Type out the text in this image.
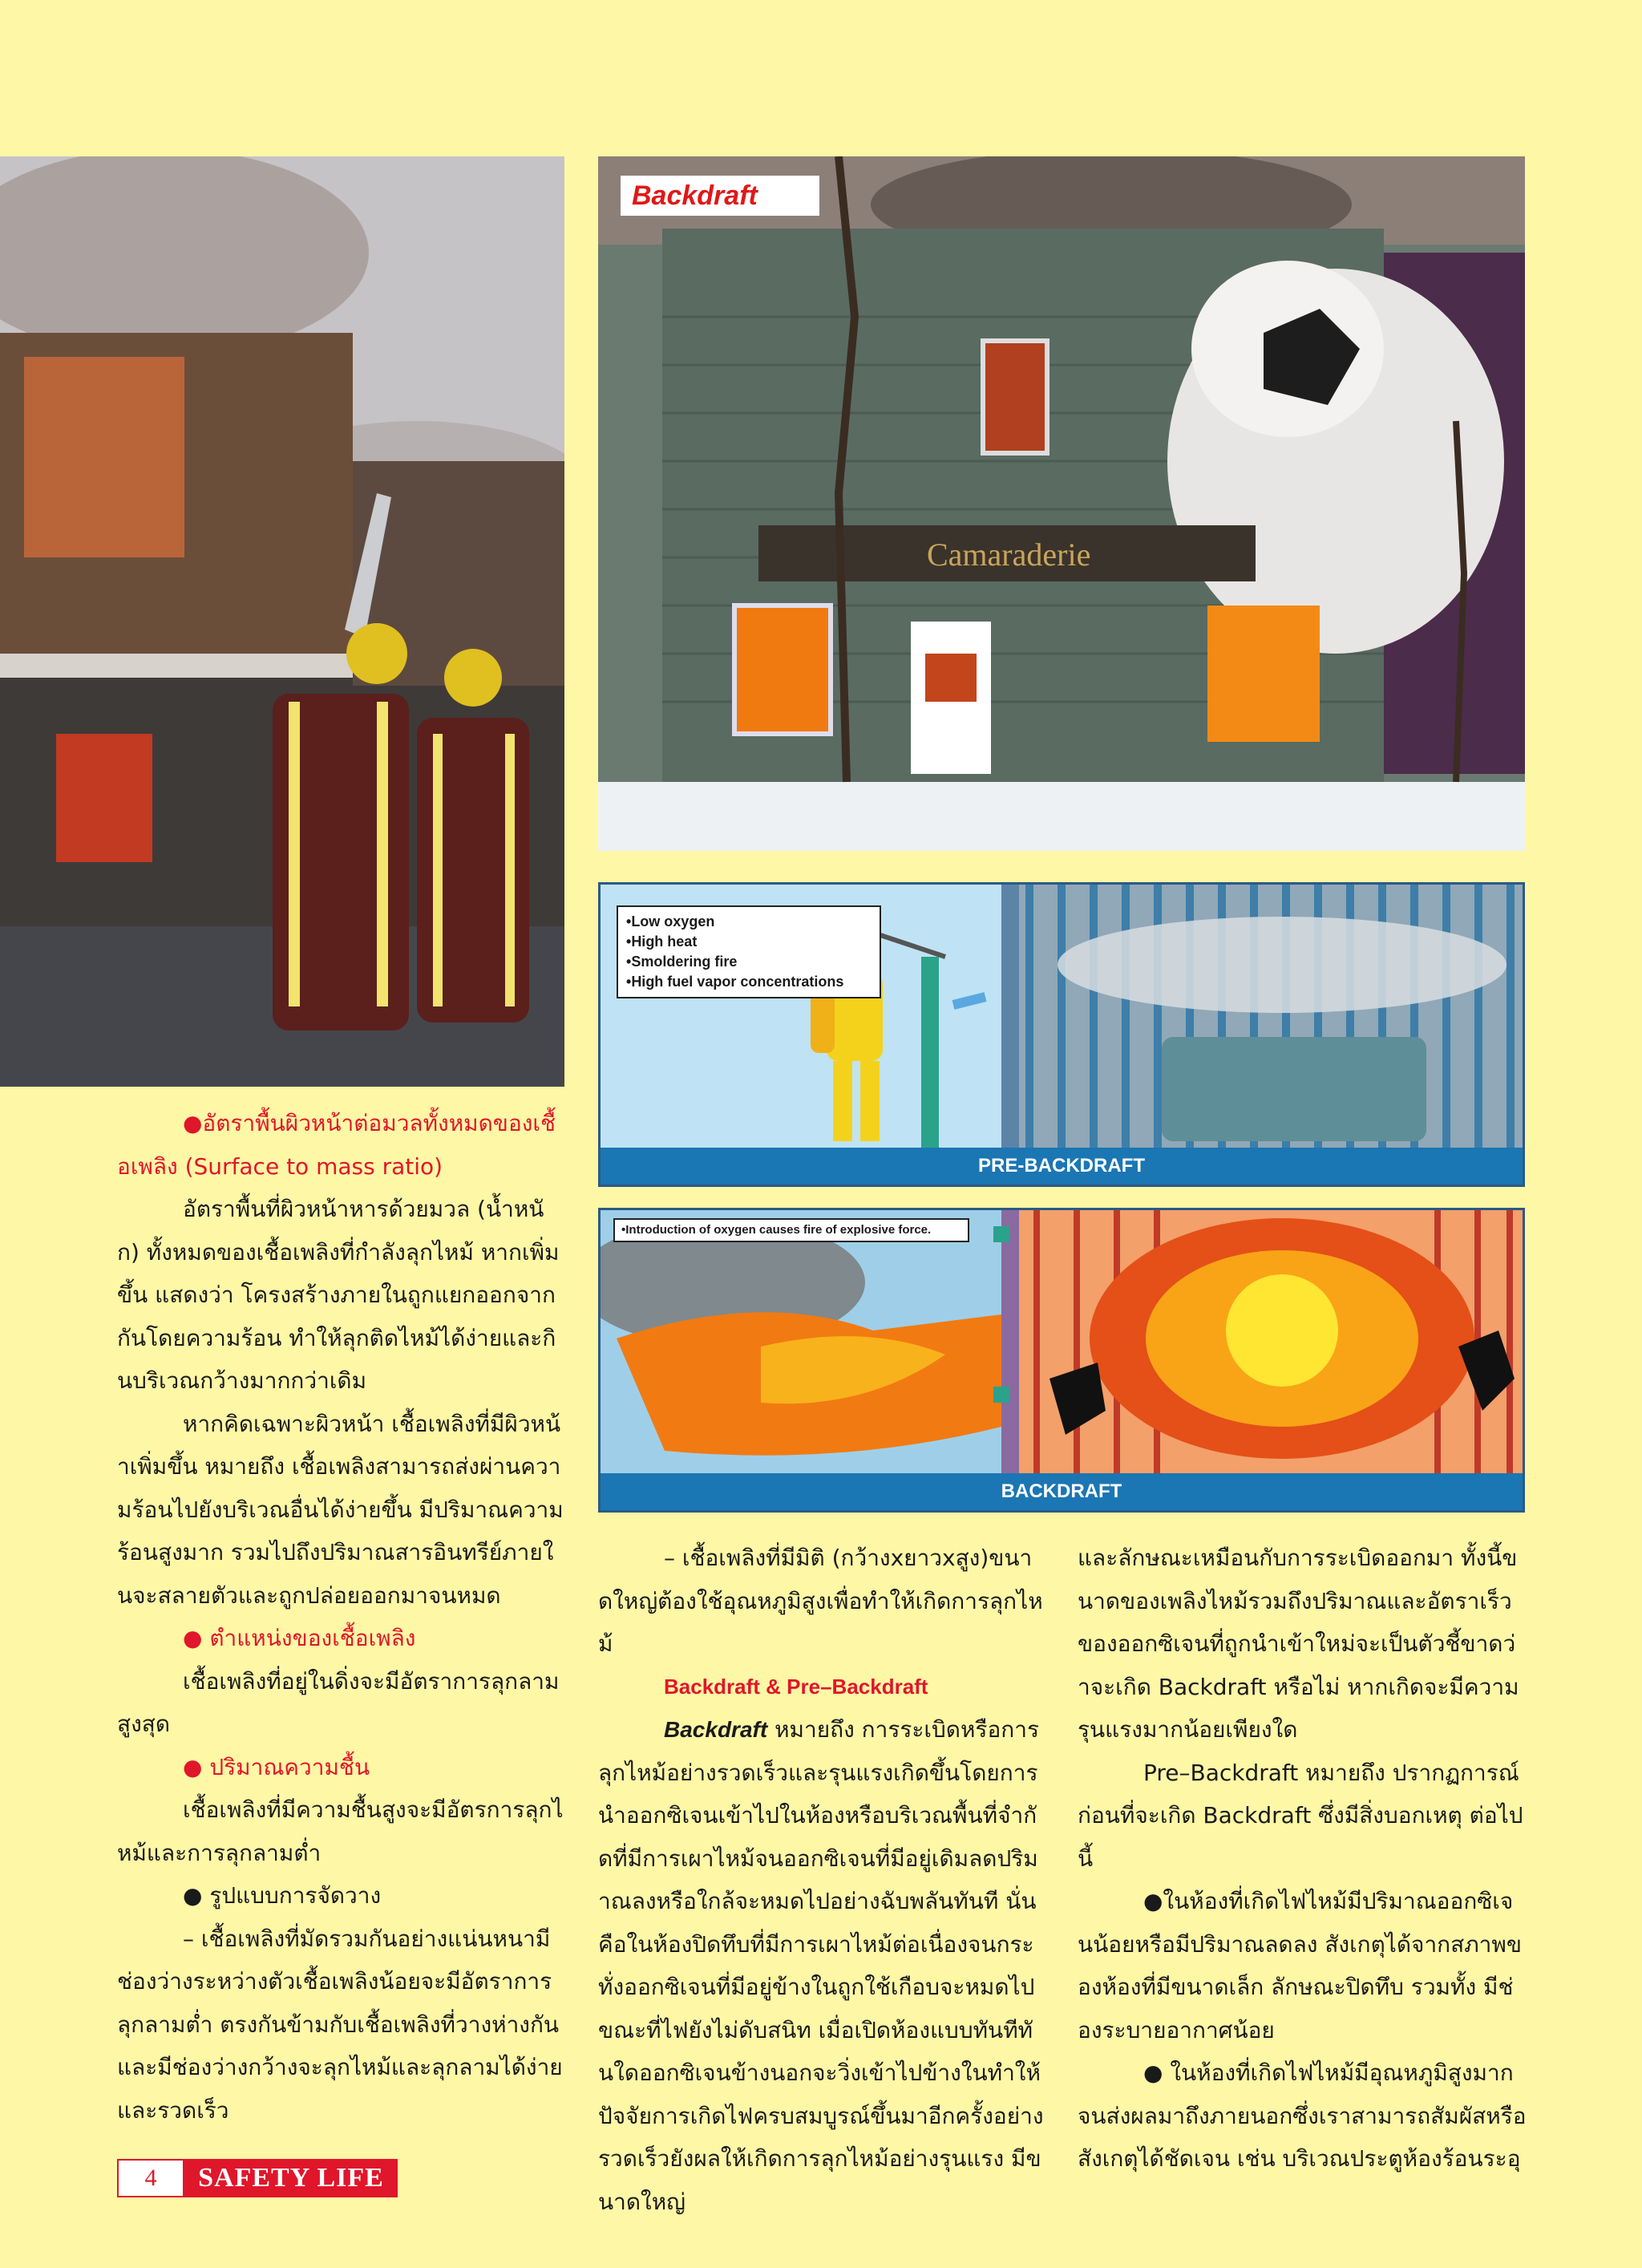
Camaraderie
Backdraft
• Low oxygen
• High heat
• Smoldering fire
• High fuel vapor concentrations
PRE-BACKDRAFT
• Introduction of oxygen causes fire of explosive force.
BACKDRAFT

●อัตราพื้นผิวหน้าต่อมวลทั้งหมดของเชื้อเพลิง (Surface to mass ratio)

อัตราพื้นที่ผิวหน้าหารด้วยมวล (น้ำหนัก) ทั้งหมดของเชื้อเพลิงที่กำลังลุกไหม้ หากเพิ่มขึ้น แสดงว่า โครงสร้างภายในถูกแยกออกจากกันโดยความร้อน ทำให้ลุกติดไหม้ได้ง่ายและกินบริเวณกว้างมากกว่าเดิม

หากคิดเฉพาะผิวหน้า เชื้อเพลิงที่มีผิวหน้าเพิ่มขึ้น หมายถึง เชื้อเพลิงสามารถส่งผ่านความร้อนไปยังบริเวณอื่นได้ง่ายขึ้น มีปริมาณความร้อนสูงมาก รวมไปถึงปริมาณสารอินทรีย์ภายในจะสลายตัวและถูกปล่อยออกมาจนหมด

● ตำแหน่งของเชื้อเพลิง

เชื้อเพลิงที่อยู่ในดิ่งจะมีอัตราการลุกลามสูงสุด

● ปริมาณความชื้น

เชื้อเพลิงที่มีความชื้นสูงจะมีอัตรการลุกไหม้และการลุกลามต่ำ

● รูปแบบการจัดวาง

– เชื้อเพลิงที่มัดรวมกันอย่างแน่นหนามีช่องว่างระหว่างตัวเชื้อเพลิงน้อยจะมีอัตราการลุกลามต่ำ ตรงกันข้ามกับเชื้อเพลิงที่วางห่างกันและมีช่องว่างกว้างจะลุกไหม้และลุกลามได้ง่ายและรวดเร็ว

– เชื้อเพลิงที่มีมิติ (กว้างxยาวxสูง)ขนาดใหญ่ต้องใช้อุณหภูมิสูงเพื่อทำให้เกิดการลุกไหม้

Backdraft & Pre–Backdraft

Backdraft หมายถึง การระเบิดหรือการลุกไหม้อย่างรวดเร็วและรุนแรงเกิดขึ้นโดยการนำออกซิเจนเข้าไปในห้องหรือบริเวณพื้นที่จำกัดที่มีการเผาไหม้จนออกซิเจนที่มีอยู่เดิมลดปริมาณลงหรือใกล้จะหมดไปอย่างฉับพลันทันที นั่นคือในห้องปิดทึบที่มีการเผาไหม้ต่อเนื่องจนกระทั่งออกซิเจนที่มีอยู่ข้างในถูกใช้เกือบจะหมดไปขณะที่ไฟยังไม่ดับสนิท เมื่อเปิดห้องแบบทันทีทันใดออกซิเจนข้างนอกจะวิ่งเข้าไปข้างในทำให้ปัจจัยการเกิดไฟครบสมบูรณ์ขึ้นมาอีกครั้งอย่างรวดเร็วยังผลให้เกิดการลุกไหม้อย่างรุนแรง มีขนาดใหญ่

และลักษณะเหมือนกับการระเบิดออกมา ทั้งนี้ขนาดของเพลิงไหม้รวมถึงปริมาณและอัตราเร็วของออกซิเจนที่ถูกนำเข้าใหม่จะเป็นตัวชี้ขาดว่าจะเกิด Backdraft หรือไม่ หากเกิดจะมีความรุนแรงมากน้อยเพียงใด

Pre–Backdraft หมายถึง ปรากฏการณ์ก่อนที่จะเกิด Backdraft ซึ่งมีสิ่งบอกเหตุ ต่อไปนี้

●ในห้องที่เกิดไฟไหม้มีปริมาณออกซิเจนน้อยหรือมีปริมาณลดลง สังเกตุได้จากสภาพของห้องที่มีขนาดเล็ก ลักษณะปิดทึบ รวมทั้ง มีช่องระบายอากาศน้อย

● ในห้องที่เกิดไฟไหม้มีอุณหภูมิสูงมากจนส่งผลมาถึงภายนอกซึ่งเราสามารถสัมผัสหรือสังเกตุได้ชัดเจน เช่น บริเวณประตูห้องร้อนระอุ

4	SAFETY LIFE
